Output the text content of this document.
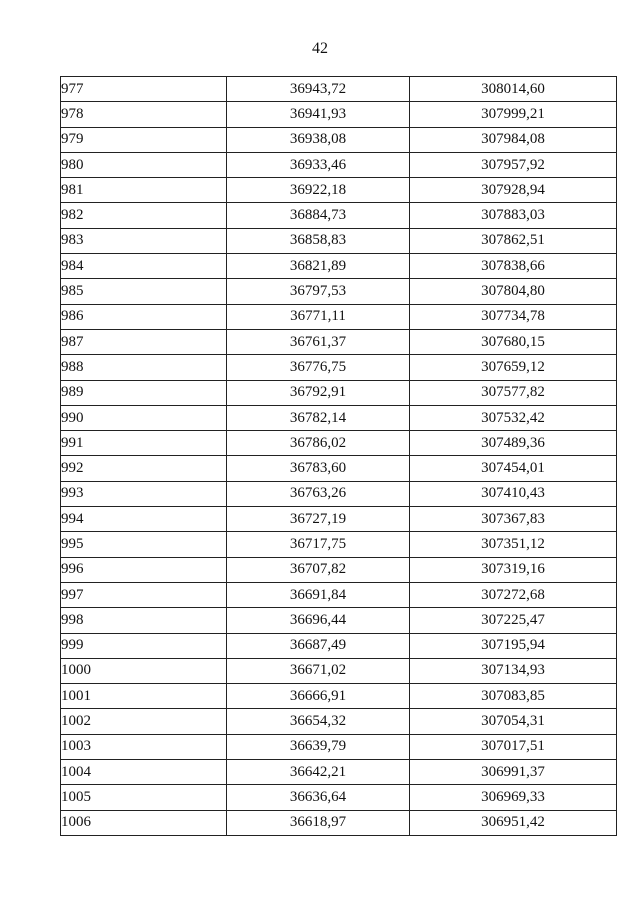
42
977	36943,72	308014,60
978	36941,93	307999,21
979	36938,08	307984,08
980	36933,46	307957,92
981	36922,18	307928,94
982	36884,73	307883,03
983	36858,83	307862,51
984	36821,89	307838,66
985	36797,53	307804,80
986	36771,11	307734,78
987	36761,37	307680,15
988	36776,75	307659,12
989	36792,91	307577,82
990	36782,14	307532,42
991	36786,02	307489,36
992	36783,60	307454,01
993	36763,26	307410,43
994	36727,19	307367,83
995	36717,75	307351,12
996	36707,82	307319,16
997	36691,84	307272,68
998	36696,44	307225,47
999	36687,49	307195,94
1000	36671,02	307134,93
1001	36666,91	307083,85
1002	36654,32	307054,31
1003	36639,79	307017,51
1004	36642,21	306991,37
1005	36636,64	306969,33
1006	36618,97	306951,42
